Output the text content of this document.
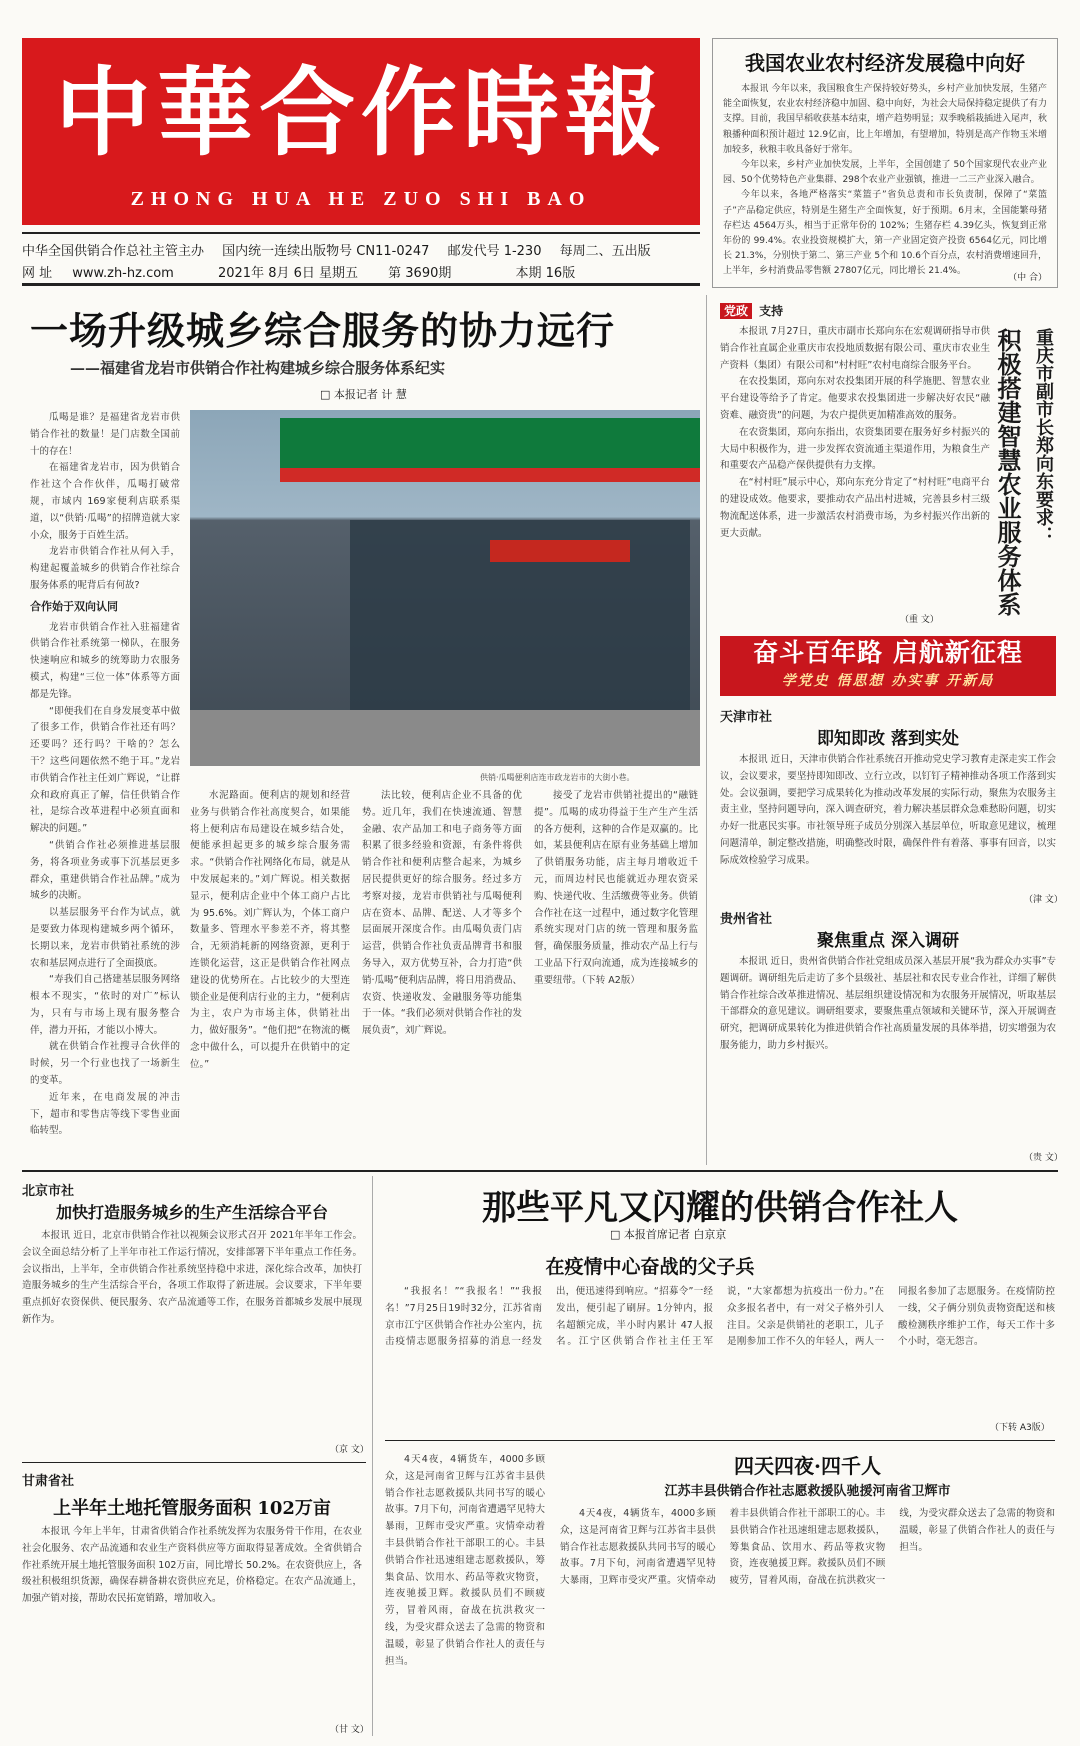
中華合作時報
ZHONG HUA HE ZUO SHI BAO
中华全国供销合作总社主管主办 国内统一连续出版物号 CN11-0247 邮发代号 1-230 每周二、五出版
网 址 www.zh-hz.com	2021年 8月 6日 星期五 第 3690期	本期 16版
我国农业农村经济发展稳中向好

本报讯 今年以来，我国粮食生产保持较好势头，乡村产业加快发展，生猪产能全面恢复，农业农村经济稳中加固、稳中向好，为社会大局保持稳定提供了有力支撑。目前，我国早稻收获基本结束，增产趋势明显；双季晚稻栽插进入尾声，秋粮播种面积预计超过 12.9亿亩，比上年增加，有望增加，特别是高产作物玉米增加较多，秋粮丰收具备好于常年。

今年以来，乡村产业加快发展，上半年，全国创建了 50个国家现代农业产业园、50个优势特色产业集群、298个农业产业强镇，推进一二三产业深入融合。

今年以来，各地严格落实“菜篮子”省负总责和市长负责制，保障了“菜篮子”产品稳定供应，特别是生猪生产全面恢复，好于预期。6月末，全国能繁母猪存栏达 4564万头，相当于正常年份的 102%；生猪存栏 4.39亿头，恢复到正常年份的 99.4%。农业投资规模扩大，第一产业固定资产投资 6564亿元，同比增长 21.3%，分别快于第二、第三产业 5个和 10.6个百分点，农村消费增速回升，上半年，乡村消费品零售额 27807亿元，同比增长 21.4%。

（中 合）
一场升级城乡综合服务的协力远行
——福建省龙岩市供销合作社构建城乡综合服务体系纪实
□ 本报记者 计 慧

瓜喝是谁？是福建省龙岩市供销合作社的数量！是门店数全国前十的存在！

在福建省龙岩市，因为供销合作社这个合作伙伴，瓜喝打破常规，市域内 169家便利店联系渠道，以“供销·瓜喝”的招牌造就大家小众，服务于百姓生活。

龙岩市供销合作社从何入手，构建起覆盖城乡的供销合作社综合服务体系的呢背后有何故?

合作始于双向认同

龙岩市供销合作社入驻福建省供销合作社系统第一梯队，在服务快速响应和城乡的统筹助力农服务模式，构建“三位一体”体系等方面都是先锋。

“即便我们在自身发展变革中做了很多工作，供销合作社还有吗？还要吗？还行吗？干啥的？怎么干？这些问题依然不绝于耳。”龙岩市供销合作社主任刘广辉说，“让群众和政府真正了解，信任供销合作社，是综合改革进程中必须直面和解决的问题。”

“供销合作社必须推进基层服务，将各项业务或事下沉基层更多群众，重建供销合作社品牌。”成为城乡的决断。

以基层服务平台作为试点，就是要致力体现构建城乡两个循环，长期以来，龙岩市供销社系统的涉农和基层网点进行了全面摸底。

“寿我们自己搭建基层服务网络根本不现实，“依时的对广”标认为，只有与市场上现有服务整合伴，潜力开拓，才能以小博大。

就在供销合作社搜寻合伙伴的时候，另一个行业也找了一场新生的变革。

近年来，在电商发展的冲击下，超市和零售店等线下零售业面临转型。

供销·瓜喝便利店连市政龙岩市的大街小巷。

水泥路面。便利店的规划和经营业务与供销合作社高度契合，如果能将上便利店布局建设在城乡结合处，便能承担起更多的城乡综合服务需求。“供销合作社网络化布局，就是从中发展起来的。”刘广辉说。相关数据显示，便利店企业中个体工商户占比为 95.6%。刘广辉认为，个体工商户数量多、管理水平参差不齐，将其整合，无须消耗新的网络资源，更利于连锁化运营，这正是供销合作社网点建设的优势所在。占比较少的大型连锁企业是便利店行业的主力，“便利店为主，农户为市场主体，供销社出力，做好服务”。“他们把“在物流的概念中做什么，可以提升在供销中的定位。”

法比较，便利店企业不具备的优势。近几年，我们在快速流通、智慧金融、农产品加工和电子商务等方面积累了很多经验和资源，有条件将供销合作社和便利店整合起来，为城乡居民提供更好的综合服务。经过多方考察对接，龙岩市供销社与瓜喝便利店在资本、品牌、配送、人才等多个层面展开深度合作。由瓜喝负责门店运营，供销合作社负责品牌背书和服务导入，双方优势互补，合力打造“供销·瓜喝”便利店品牌，将日用消费品、农资、快递收发、金融服务等功能集于一体。“我们必须对供销合作社的发展负责”，刘广辉说。

接受了龙岩市供销社提出的“融链提”。瓜喝的成功得益于生产生产生活的各方便利，这种的合作是双赢的。比如，某县便利店在原有业务基础上增加了供销服务功能，店主每月增收近千元，而周边村民也能就近办理农资采购、快递代收、生活缴费等业务。供销合作社在这一过程中，通过数字化管理系统实现对门店的统一管理和服务监督，确保服务质量，推动农产品上行与工业品下行双向流通，成为连接城乡的重要纽带。（下转 A2版）

党政 支持

本报讯 7月27日，重庆市副市长郑向东在宏观调研指导市供销合作社直属企业重庆市农投地质数据有限公司、重庆市农业生产资料（集团）有限公司和“村村旺”农村电商综合服务平台。

在农投集团，郑向东对农投集团开展的科学施肥、智慧农业平台建设等给予了肯定。他要求农投集团进一步解决好农民“融资难、融资贵”的问题，为农户提供更加精准高效的服务。

在农资集团，郑向东指出，农资集团要在服务好乡村振兴的大局中积极作为，进一步发挥农资流通主渠道作用，为粮食生产和重要农产品稳产保供提供有力支撑。

在“村村旺”展示中心，郑向东充分肯定了“村村旺”电商平台的建设成效。他要求，要推动农产品出村进城，完善县乡村三级物流配送体系，进一步激活农村消费市场，为乡村振兴作出新的更大贡献。

（重 文）
重庆市副市长郑向东要求：
积极搭建智慧农业服务体系
奋斗百年路 启航新征程
学党史 悟思想 办实事 开新局
天津市社
即知即改 落到实处

本报讯 近日，天津市供销合作社系统召开推动党史学习教育走深走实工作会议，会议要求，要坚持即知即改、立行立改，以钉钉子精神推动各项工作落到实处。会议强调，要把学习成果转化为推动改革发展的实际行动，聚焦为农服务主责主业，坚持问题导向，深入调查研究，着力解决基层群众急难愁盼问题，切实办好一批惠民实事。市社领导班子成员分别深入基层单位，听取意见建议，梳理问题清单，制定整改措施，明确整改时限，确保件件有着落、事事有回音，以实际成效检验学习成果。

（津 文）
贵州省社
聚焦重点 深入调研

本报讯 近日，贵州省供销合作社党组成员深入基层开展“我为群众办实事”专题调研。调研组先后走访了多个县级社、基层社和农民专业合作社，详细了解供销合作社综合改革推进情况、基层组织建设情况和为农服务开展情况，听取基层干部群众的意见建议。调研组要求，要聚焦重点领域和关键环节，深入开展调查研究，把调研成果转化为推进供销合作社高质量发展的具体举措，切实增强为农服务能力，助力乡村振兴。

（贵 文）
北京市社
加快打造服务城乡的生产生活综合平台

本报讯 近日，北京市供销合作社以视频会议形式召开 2021年半年工作会。会议全面总结分析了上半年市社工作运行情况，安排部署下半年重点工作任务。会议指出，上半年，全市供销合作社系统坚持稳中求进，深化综合改革，加快打造服务城乡的生产生活综合平台，各项工作取得了新进展。会议要求，下半年要重点抓好农资保供、便民服务、农产品流通等工作，在服务首都城乡发展中展现新作为。

（京 文）
甘肃省社
上半年土地托管服务面积 102万亩

本报讯 今年上半年，甘肃省供销合作社系统发挥为农服务骨干作用，在农业社会化服务、农产品流通和农业生产资料供应等方面取得显著成效。全省供销合作社系统开展土地托管服务面积 102万亩，同比增长 50.2%。在农资供应上，各级社积极组织货源，确保春耕备耕农资供应充足，价格稳定。在农产品流通上，加强产销对接，帮助农民拓宽销路，增加收入。

（甘 文）
那些平凡又闪耀的供销合作社人
□ 本报首席记者 白京京
在疫情中心奋战的父子兵

“我报名！”“我报名！”“我报名！”7月25日19时32分，江苏省南京市江宁区供销合作社办公室内，抗击疫情志愿服务招募的消息一经发出，便迅速得到响应。“招募令”一经发出，便引起了刷屏。1分钟内，报名超额完成，半小时内累计 47人报名。江宁区供销合作社主任王军说，“大家都想为抗疫出一份力。”在众多报名者中，有一对父子格外引人注目。父亲是供销社的老职工，儿子是刚参加工作不久的年轻人，两人一同报名参加了志愿服务。在疫情防控一线，父子俩分别负责物资配送和核酸检测秩序维护工作，每天工作十多个小时，毫无怨言。

（下转 A3版）
四天四夜·四千人
江苏丰县供销合作社志愿救援队驰援河南省卫辉市

4天4夜，4辆货车，4000多顾众，这是河南省卫辉与江苏省丰县供销合作社志愿救援队共同书写的暖心故事。7月下旬，河南省遭遇罕见特大暴雨，卫辉市受灾严重。灾情牵动着丰县供销合作社干部职工的心。丰县供销合作社迅速组建志愿救援队，筹集食品、饮用水、药品等救灾物资，连夜驰援卫辉。救援队员们不顾疲劳，冒着风雨，奋战在抗洪救灾一线，为受灾群众送去了急需的物资和温暖，彰显了供销合作社人的责任与担当。

4天4夜，4辆货车，4000多顾众，这是河南省卫辉与江苏省丰县供销合作社志愿救援队共同书写的暖心故事。7月下旬，河南省遭遇罕见特大暴雨，卫辉市受灾严重。灾情牵动着丰县供销合作社干部职工的心。丰县供销合作社迅速组建志愿救援队，筹集食品、饮用水、药品等救灾物资，连夜驰援卫辉。救援队员们不顾疲劳，冒着风雨，奋战在抗洪救灾一线，为受灾群众送去了急需的物资和温暖，彰显了供销合作社人的责任与担当。
